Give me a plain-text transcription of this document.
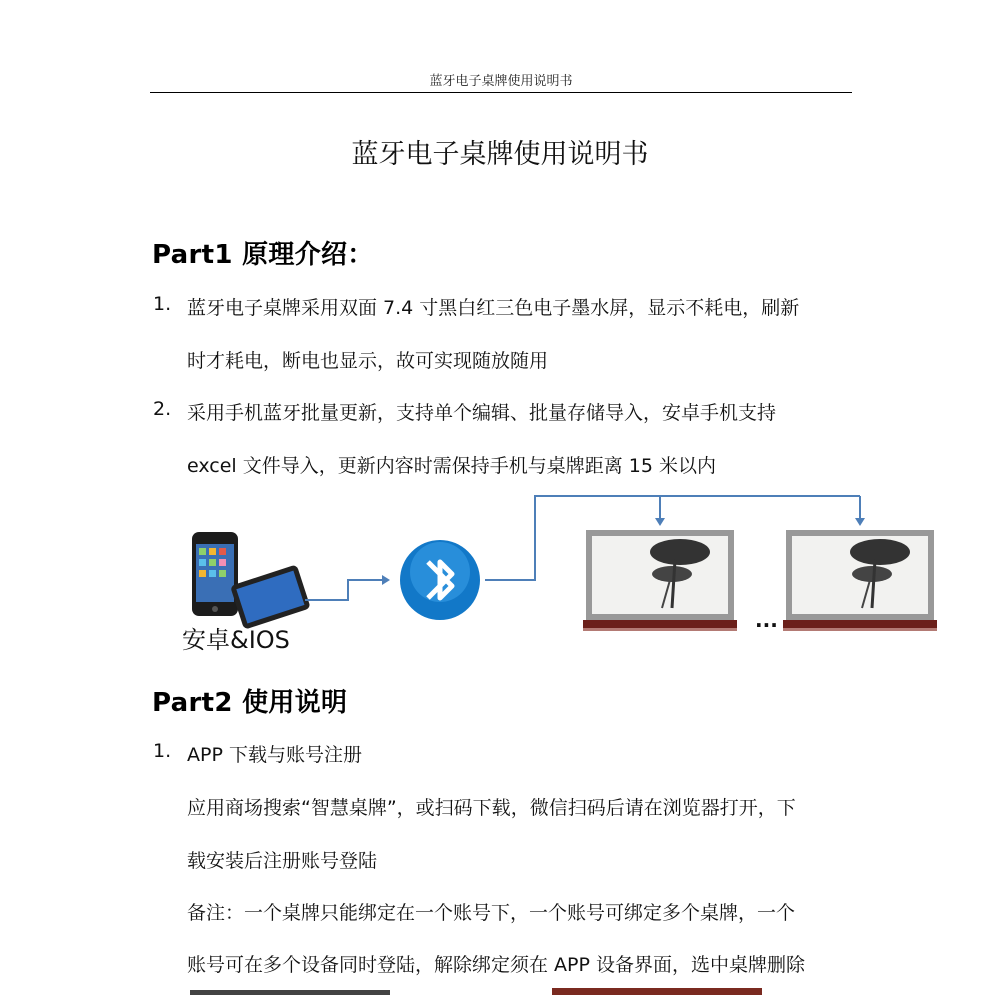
蓝牙电子桌牌使用说明书
蓝牙电子桌牌使用说明书
Part1 原理介绍：
1. 蓝牙电子桌牌采用双面 7.4 寸黑白红三色电子墨水屏，显示不耗电，刷新
时才耗电，断电也显示，故可实现随放随用
2. 采用手机蓝牙批量更新，支持单个编辑、批量存储导入，安卓手机支持
excel 文件导入，更新内容时需保持手机与桌牌距离 15 米以内
安卓&IOS
...
Part2 使用说明
1. APP 下载与账号注册
应用商场搜索“智慧桌牌”，或扫码下载，微信扫码后请在浏览器打开，下
载安装后注册账号登陆
备注：一个桌牌只能绑定在一个账号下，一个账号可绑定多个桌牌，一个
账号可在多个设备同时登陆，解除绑定须在 APP 设备界面，选中桌牌删除
